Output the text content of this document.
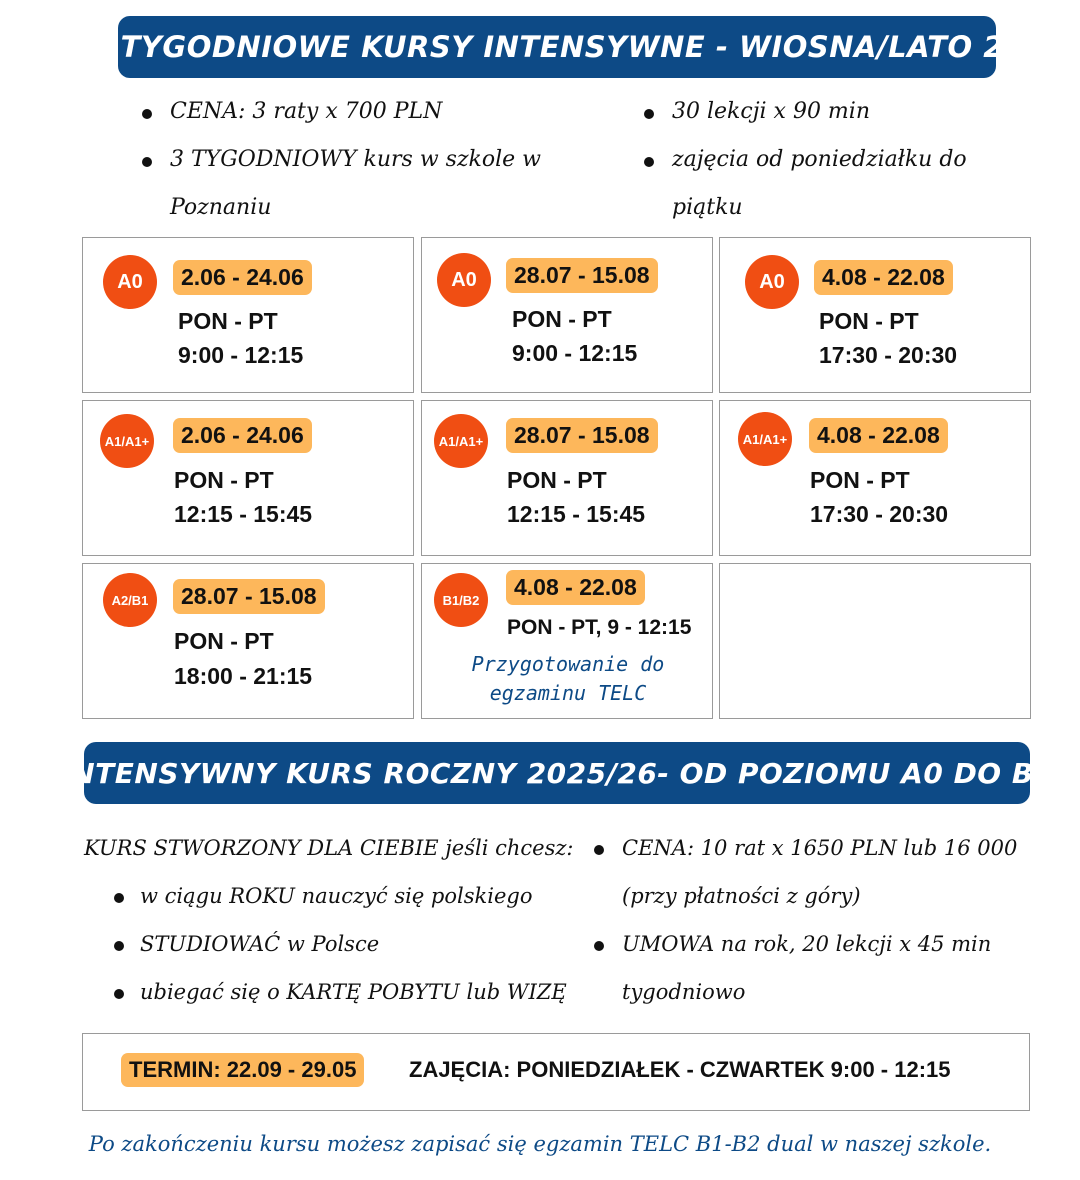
3 TYGODNIOWE KURSY INTENSYWNE - WIOSNA/LATO 25
CENA: 3 raty x 700 PLN
3 TYGODNIOWY kurs w szkole w Poznaniu
30 lekcji x 90 min
zajęcia od poniedziałku do piątku
A0	2.06 - 24.06
PON - PT
9:00 - 12:15
A0	28.07 - 15.08
PON - PT
9:00 - 12:15
A0	4.08 - 22.08
PON - PT
17:30 - 20:30
A1/A1+	2.06 - 24.06
PON - PT
12:15 - 15:45
A1/A1+	28.07 - 15.08
PON - PT
12:15 - 15:45
A1/A1+	4.08 - 22.08
PON - PT
17:30 - 20:30
A2/B1	28.07 - 15.08
PON - PT
18:00 - 21:15
B1/B2	4.08 - 22.08
PON - PT, 9 - 12:15
Przygotowanie do egzaminu TELC
INTENSYWNY KURS ROCZNY 2025/26- OD POZIOMU A0 DO B1
KURS STWORZONY DLA CIEBIE jeśli chcesz:
w ciągu ROKU nauczyć się polskiego
STUDIOWAĆ w Polsce
ubiegać się o KARTĘ POBYTU lub WIZĘ
CENA: 10 rat x 1650 PLN lub 16 000 (przy płatności z góry)
UMOWA na rok, 20 lekcji x 45 min tygodniowo
TERMIN: 22.09 - 29.05	ZAJĘCIA: PONIEDZIAŁEK - CZWARTEK 9:00 - 12:15
Po zakończeniu kursu możesz zapisać się egzamin TELC B1-B2 dual w naszej szkole.
